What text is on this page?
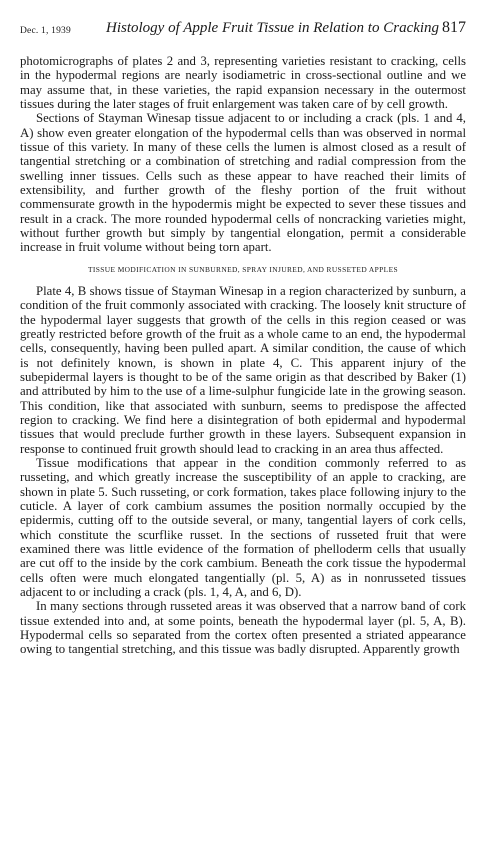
Dec. 1, 1939 Histology of Apple Fruit Tissue in Relation to Cracking 817

photomicrographs of plates 2 and 3, representing varieties resistant to cracking, cells in the hypodermal regions are nearly isodiametric in cross-sectional outline and we may assume that, in these varieties, the rapid expansion necessary in the outermost tissues during the later stages of fruit enlargement was taken care of by cell growth.

Sections of Stayman Winesap tissue adjacent to or including a crack (pls. 1 and 4, A) show even greater elongation of the hypodermal cells than was observed in normal tissue of this variety. In many of these cells the lumen is almost closed as a result of tangential stretching or a combination of stretching and radial compression from the swelling inner tissues. Cells such as these appear to have reached their limits of extensibility, and further growth of the fleshy portion of the fruit without commensurate growth in the hypodermis might be expected to sever these tissues and result in a crack. The more rounded hypodermal cells of noncracking varieties might, without further growth but simply by tangential elongation, permit a considerable increase in fruit volume without being torn apart.

TISSUE MODIFICATION IN SUNBURNED, SPRAY INJURED, AND RUSSETED APPLES

Plate 4, B shows tissue of Stayman Winesap in a region characterized by sunburn, a condition of the fruit commonly associated with cracking. The loosely knit structure of the hypodermal layer suggests that growth of the cells in this region ceased or was greatly restricted before growth of the fruit as a whole came to an end, the hypodermal cells, consequently, having been pulled apart. A similar condition, the cause of which is not definitely known, is shown in plate 4, C. This apparent injury of the subepidermal layers is thought to be of the same origin as that described by Baker (1) and attributed by him to the use of a lime-sulphur fungicide late in the growing season. This condition, like that associated with sunburn, seems to predispose the affected region to cracking. We find here a disintegration of both epidermal and hypodermal tissues that would preclude further growth in these layers. Subsequent expansion in response to continued fruit growth should lead to cracking in an area thus affected.

Tissue modifications that appear in the condition commonly referred to as russeting, and which greatly increase the susceptibility of an apple to cracking, are shown in plate 5. Such russeting, or cork formation, takes place following injury to the cuticle. A layer of cork cambium assumes the position normally occupied by the epidermis, cutting off to the outside several, or many, tangential layers of cork cells, which constitute the scurflike russet. In the sections of russeted fruit that were examined there was little evidence of the formation of phelloderm cells that usually are cut off to the inside by the cork cambium. Beneath the cork tissue the hypodermal cells often were much elongated tangentially (pl. 5, A) as in nonrusseted tissues adjacent to or including a crack (pls. 1, 4, A, and 6, D).

In many sections through russeted areas it was observed that a narrow band of cork tissue extended into and, at some points, beneath the hypodermal layer (pl. 5, A, B). Hypodermal cells so separated from the cortex often presented a striated appearance owing to tangential stretching, and this tissue was badly disrupted. Apparently growth
